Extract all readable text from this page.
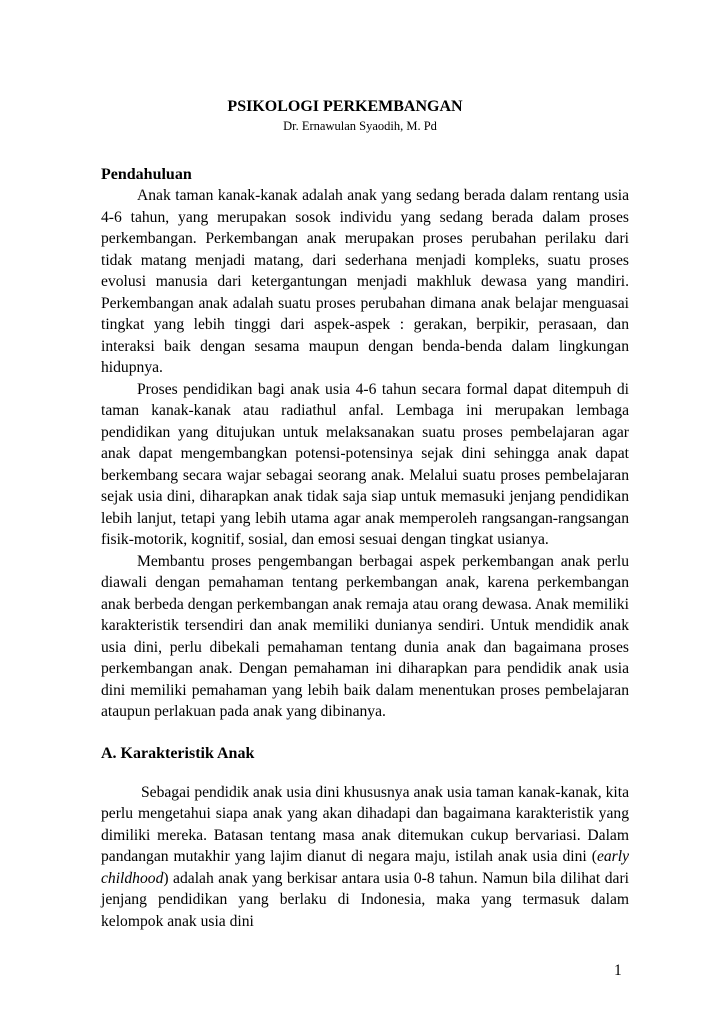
PSIKOLOGI PERKEMBANGAN

Dr. Ernawulan Syaodih, M. Pd

Pendahuluan

Anak taman kanak-kanak adalah anak yang sedang berada dalam rentang usia 4-6 tahun, yang merupakan sosok individu yang sedang berada dalam proses perkembangan. Perkembangan anak merupakan proses perubahan perilaku dari tidak matang menjadi matang, dari sederhana menjadi kompleks, suatu proses evolusi manusia dari ketergantungan menjadi makhluk dewasa yang mandiri. Perkembangan anak adalah suatu proses perubahan dimana anak belajar menguasai tingkat yang lebih tinggi dari aspek-aspek : gerakan, berpikir, perasaan, dan interaksi baik dengan sesama maupun dengan benda-benda dalam lingkungan hidupnya.

Proses pendidikan bagi anak usia 4-6 tahun secara formal dapat ditempuh di taman kanak-kanak atau radiathul anfal. Lembaga ini merupakan lembaga pendidikan yang ditujukan untuk melaksanakan suatu proses pembelajaran agar anak dapat mengembangkan potensi-potensinya sejak dini sehingga anak dapat berkembang secara wajar sebagai seorang anak. Melalui suatu proses pembelajaran sejak usia dini, diharapkan anak tidak saja siap untuk memasuki jenjang pendidikan lebih lanjut, tetapi yang lebih utama agar anak memperoleh rangsangan-rangsangan fisik-motorik, kognitif, sosial, dan emosi sesuai dengan tingkat usianya.

Membantu proses pengembangan berbagai aspek perkembangan anak perlu diawali dengan pemahaman tentang perkembangan anak, karena perkembangan anak berbeda dengan perkembangan anak remaja atau orang dewasa. Anak memiliki karakteristik tersendiri dan anak memiliki dunianya sendiri. Untuk mendidik anak usia dini, perlu dibekali pemahaman tentang dunia anak dan bagaimana proses perkembangan anak. Dengan pemahaman ini diharapkan para pendidik anak usia dini memiliki pemahaman yang lebih baik dalam menentukan proses pembelajaran ataupun perlakuan pada anak yang dibinanya.

A. Karakteristik Anak

Sebagai pendidik anak usia dini khususnya anak usia taman kanak-kanak, kita perlu mengetahui siapa anak yang akan dihadapi dan bagaimana karakteristik yang dimiliki mereka. Batasan tentang masa anak ditemukan cukup bervariasi. Dalam pandangan mutakhir yang lajim dianut di negara maju, istilah anak usia dini (early childhood) adalah anak yang berkisar antara usia 0-8 tahun. Namun bila dilihat dari jenjang pendidikan yang berlaku di Indonesia, maka yang termasuk dalam kelompok anak usia dini

1
